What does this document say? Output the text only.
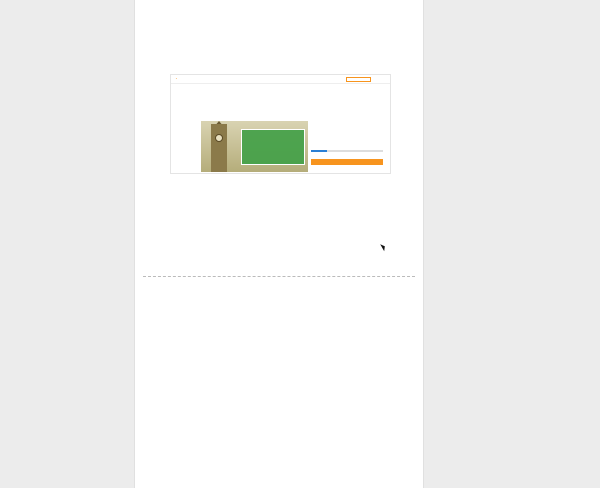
◔
